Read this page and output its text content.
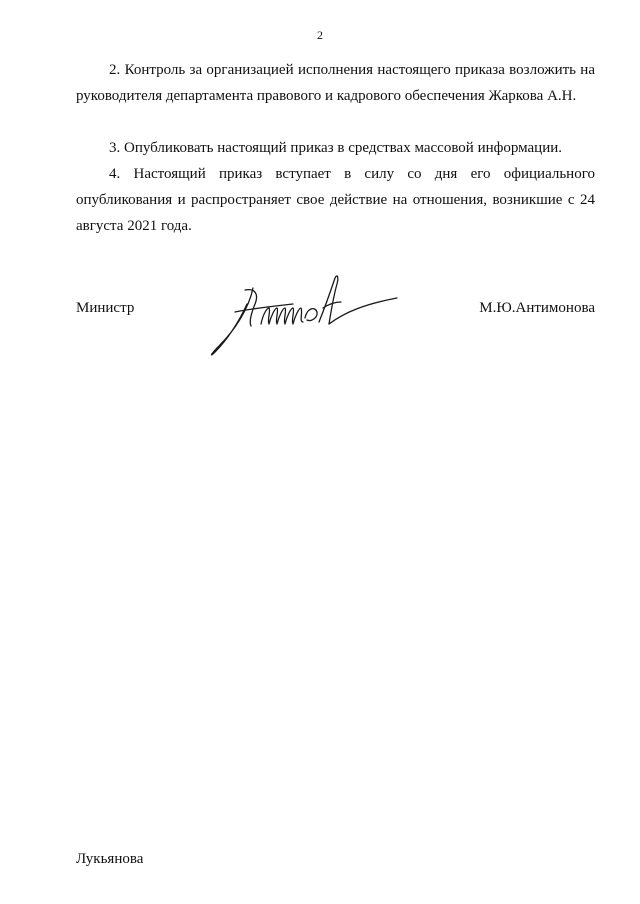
2

2. Контроль за организацией исполнения настоящего приказа возложить на руководителя департамента правового и кадрового обеспечения Жаркова А.Н.

3. Опубликовать настоящий приказ в средствах массовой информации.

4. Настоящий приказ вступает в силу со дня его официального опубликования и распространяет свое действие на отношения, возникшие с 24 августа 2021 года.

Министр	М.Ю.Антимонова
Лукьянова
